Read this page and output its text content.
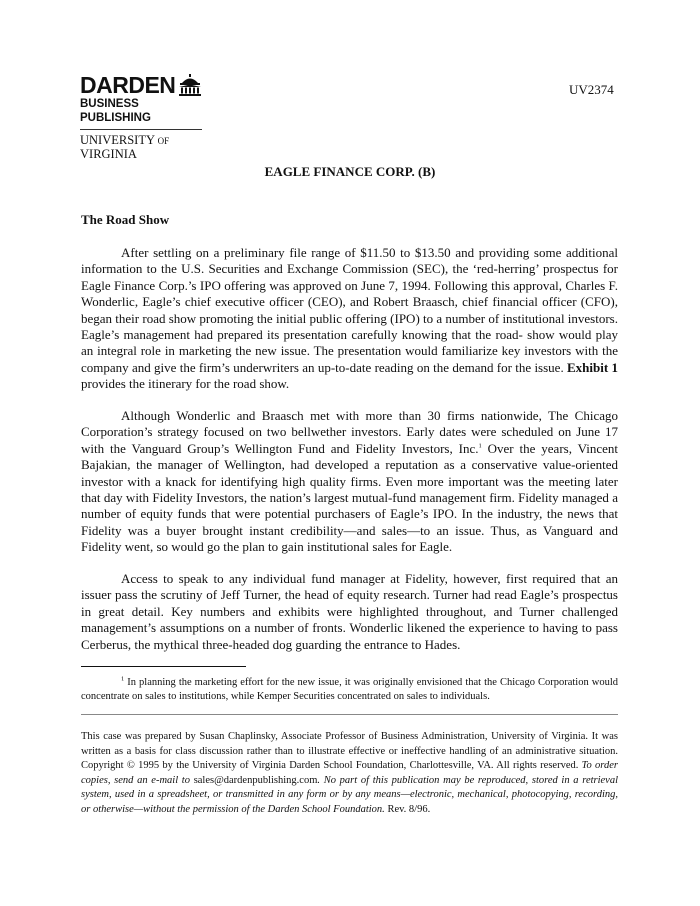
DARDEN
BUSINESS PUBLISHING
UNIVERSITY of VIRGINIA
UV2374
EAGLE FINANCE CORP. (B)
The Road Show

After settling on a preliminary file range of $11.50 to $13.50 and providing some additional information to the U.S. Securities and Exchange Commission (SEC), the ‘red-herring’ prospectus for Eagle Finance Corp.’s IPO offering was approved on June 7, 1994. Following this approval, Charles F. Wonderlic, Eagle’s chief executive officer (CEO), and Robert Braasch, chief financial officer (CFO), began their road show promoting the initial public offering (IPO) to a number of institutional investors. Eagle’s management had prepared its presentation carefully knowing that the road- show would play an integral role in marketing the new issue. The presentation would familiarize key investors with the company and give the firm’s underwriters an up-to-date reading on the demand for the issue. Exhibit 1 provides the itinerary for the road show.

Although Wonderlic and Braasch met with more than 30 firms nationwide, The Chicago Corporation’s strategy focused on two bellwether investors. Early dates were scheduled on June 17 with the Vanguard Group’s Wellington Fund and Fidelity Investors, Inc.$^1$ Over the years, Vincent Bajakian, the manager of Wellington, had developed a reputation as a conservative value-oriented investor with a knack for identifying high quality firms. Even more important was the meeting later that day with Fidelity Investors, the nation’s largest mutual-fund management firm. Fidelity managed a number of equity funds that were potential purchasers of Eagle’s IPO. In the industry, the news that Fidelity was a buyer brought instant credibility—and sales—to an issue. Thus, as Vanguard and Fidelity went, so would go the plan to gain institutional sales for Eagle.

Access to speak to any individual fund manager at Fidelity, however, first required that an issuer pass the scrutiny of Jeff Turner, the head of equity research. Turner had read Eagle’s prospectus in great detail. Key numbers and exhibits were highlighted throughout, and Turner challenged management’s assumptions on a number of fronts. Wonderlic likened the experience to having to pass Cerberus, the mythical three-headed dog guarding the entrance to Hades.

$^1$ In planning the marketing effort for the new issue, it was originally envisioned that the Chicago Corporation would concentrate on sales to institutions, while Kemper Securities concentrated on sales to individuals.

This case was prepared by Susan Chaplinsky, Associate Professor of Business Administration, University of Virginia. It was written as a basis for class discussion rather than to illustrate effective or ineffective handling of an administrative situation. Copyright © 1995 by the University of Virginia Darden School Foundation, Charlottesville, VA. All rights reserved. To order copies, send an e-mail to sales@dardenpublishing.com. No part of this publication may be reproduced, stored in a retrieval system, used in a spreadsheet, or transmitted in any form or by any means—electronic, mechanical, photocopying, recording, or otherwise—without the permission of the Darden School Foundation. Rev. 8/96.
